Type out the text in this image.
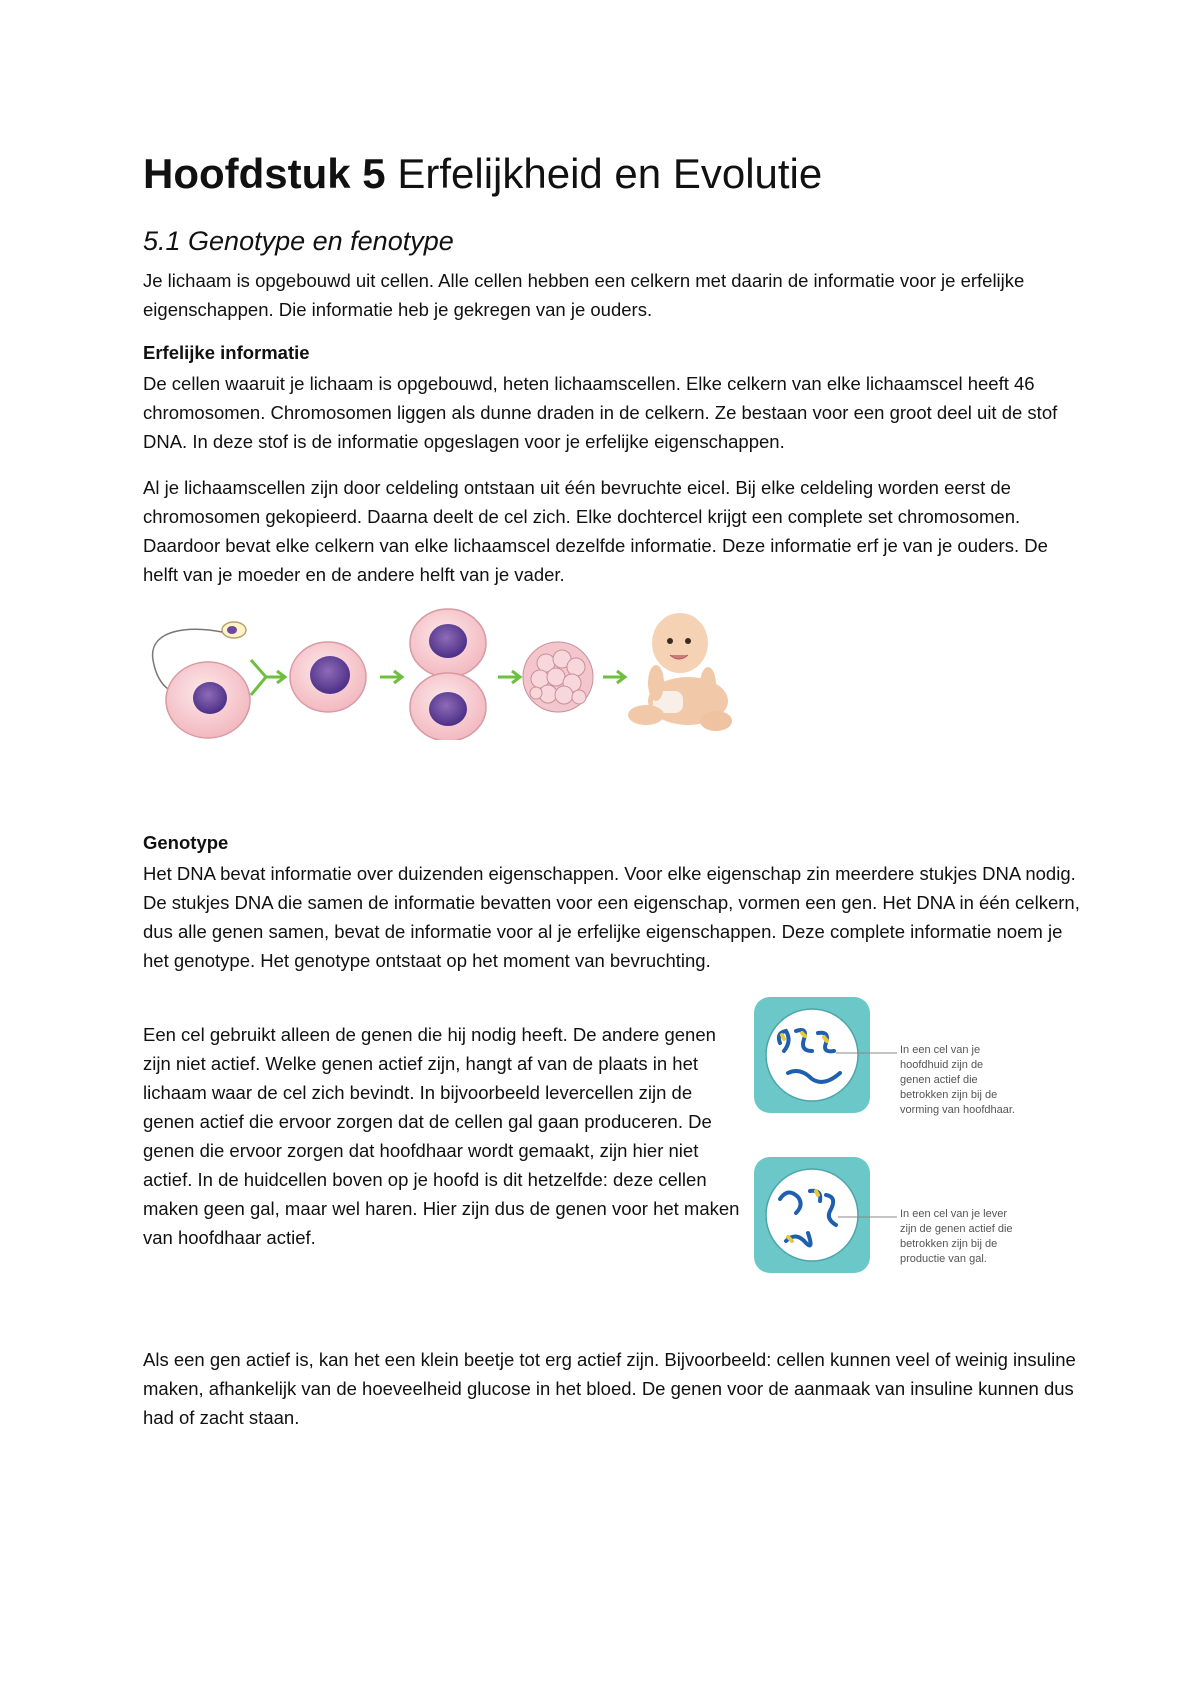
Hoofdstuk 5 Erfelijkheid en Evolutie
5.1 Genotype en fenotype

Je lichaam is opgebouwd uit cellen. Alle cellen hebben een celkern met daarin de informatie voor je erfelijke eigenschappen. Die informatie heb je gekregen van je ouders.

Erfelijke informatie

De cellen waaruit je lichaam is opgebouwd, heten lichaamscellen. Elke celkern van elke lichaamscel heeft 46 chromosomen. Chromosomen liggen als dunne draden in de celkern. Ze bestaan voor een groot deel uit de stof DNA. In deze stof is de informatie opgeslagen voor je erfelijke eigenschappen.

Al je lichaamscellen zijn door celdeling ontstaan uit één bevruchte eicel. Bij elke celdeling worden eerst de chromosomen gekopieerd. Daarna deelt de cel zich. Elke dochtercel krijgt een complete set chromosomen. Daardoor bevat elke celkern van elke lichaamscel dezelfde informatie. Deze informatie erf je van je ouders. De helft van je moeder en de andere helft van je vader.

Genotype

Het DNA bevat informatie over duizenden eigenschappen. Voor elke eigenschap zin meerdere stukjes DNA nodig. De stukjes DNA die samen de informatie bevatten voor een eigenschap, vormen een gen. Het DNA in één celkern, dus alle genen samen, bevat de informatie voor al je erfelijke eigenschappen. Deze complete informatie noem je het genotype. Het genotype ontstaat op het moment van bevruchting.

Een cel gebruikt alleen de genen die hij nodig heeft. De andere genen zijn niet actief. Welke genen actief zijn, hangt af van de plaats in het lichaam waar de cel zich bevindt. In bijvoorbeeld levercellen zijn de genen actief die ervoor zorgen dat de cellen gal gaan produceren. De genen die ervoor zorgen dat hoofdhaar wordt gemaakt, zijn hier niet actief. In de huidcellen boven op je hoofd is dit hetzelfde: deze cellen maken geen gal, maar wel haren. Hier zijn dus de genen voor het maken van hoofdhaar actief.

In een cel van je hoofdhuid zijn de genen actief die betrokken zijn bij de vorming van hoofdhaar.
In een cel van je lever zijn de genen actief die betrokken zijn bij de productie van gal.

Als een gen actief is, kan het een klein beetje tot erg actief zijn. Bijvoorbeeld: cellen kunnen veel of weinig insuline maken, afhankelijk van de hoeveelheid glucose in het bloed. De genen voor de aanmaak van insuline kunnen dus had of zacht staan.
